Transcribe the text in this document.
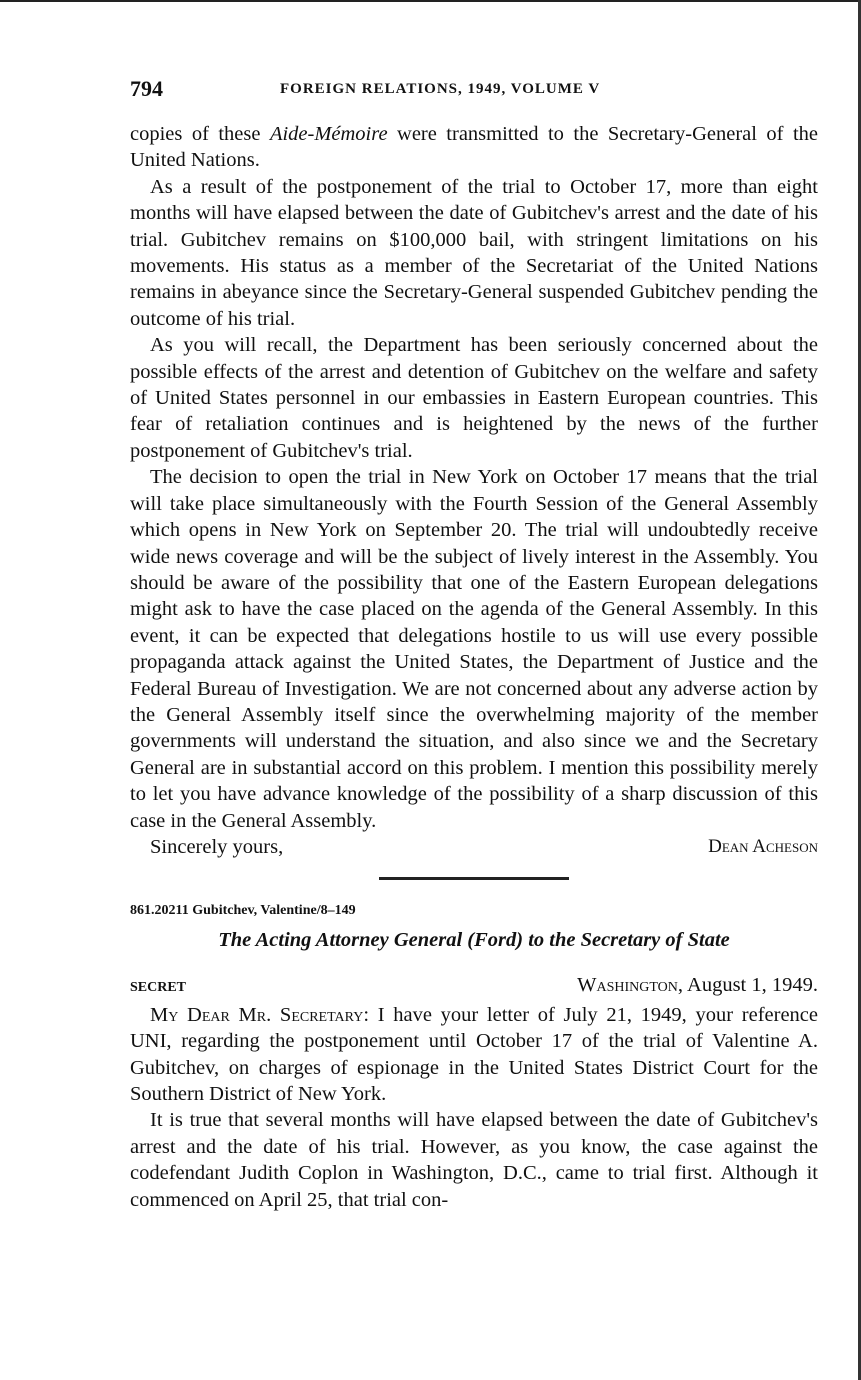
794	FOREIGN RELATIONS, 1949, VOLUME V

copies of these Aide-Mémoire were transmitted to the Secretary-General of the United Nations.

As a result of the postponement of the trial to October 17, more than eight months will have elapsed between the date of Gubitchev's arrest and the date of his trial. Gubitchev remains on $100,000 bail, with stringent limitations on his movements. His status as a member of the Secretariat of the United Nations remains in abeyance since the Secretary-General suspended Gubitchev pending the outcome of his trial.

As you will recall, the Department has been seriously concerned about the possible effects of the arrest and detention of Gubitchev on the welfare and safety of United States personnel in our embassies in Eastern European countries. This fear of retaliation continues and is heightened by the news of the further postponement of Gubitchev's trial.

The decision to open the trial in New York on October 17 means that the trial will take place simultaneously with the Fourth Session of the General Assembly which opens in New York on September 20. The trial will undoubtedly receive wide news coverage and will be the subject of lively interest in the Assembly. You should be aware of the possibility that one of the Eastern European delegations might ask to have the case placed on the agenda of the General Assembly. In this event, it can be expected that delegations hostile to us will use every possible propaganda attack against the United States, the Department of Justice and the Federal Bureau of Investigation. We are not concerned about any adverse action by the General Assembly itself since the overwhelming majority of the member governments will understand the situation, and also since we and the Secretary General are in substantial accord on this problem. I mention this possibility merely to let you have advance knowledge of the possibility of a sharp discussion of this case in the General Assembly.

Sincerely yours,	Dean Acheson
861.20211 Gubitchev, Valentine/8–149
The Acting Attorney General (Ford) to the Secretary of State
SECRET	Washington, August 1, 1949.

My Dear Mr. Secretary: I have your letter of July 21, 1949, your reference UNI, regarding the postponement until October 17 of the trial of Valentine A. Gubitchev, on charges of espionage in the United States District Court for the Southern District of New York.

It is true that several months will have elapsed between the date of Gubitchev's arrest and the date of his trial. However, as you know, the case against the codefendant Judith Coplon in Washington, D.C., came to trial first. Although it commenced on April 25, that trial con-
